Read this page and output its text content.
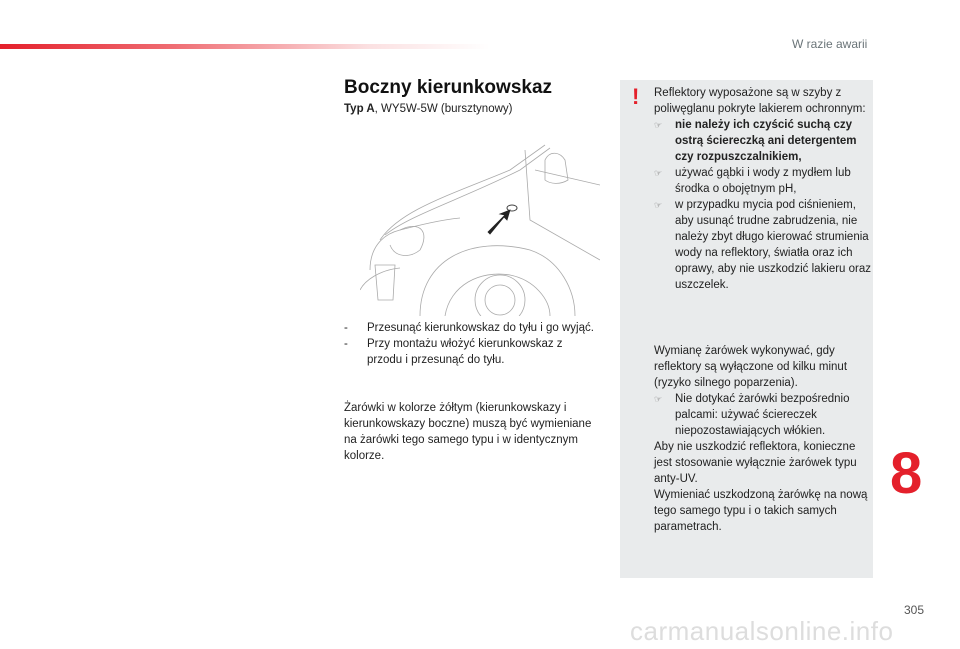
W razie awarii
Boczny kierunkowskaz
Typ A, WY5W-5W (bursztynowy)
- Przesunąć kierunkowskaz do tyłu i go wyjąć.
- Przy montażu włożyć kierunkowskaz z przodu i przesunąć do tyłu.
Żarówki w kolorze żółtym (kierunkowskazy i kierunkowskazy boczne) muszą być wymieniane na żarówki tego samego typu i w identycznym kolorze.
! Reflektory wyposażone są w szyby z poliwęglanu pokryte lakierem ochronnym:
☞ nie należy ich czyścić suchą czy ostrą ściereczką ani detergentem czy rozpuszczalnikiem,
☞ używać gąbki i wody z mydłem lub środka o obojętnym pH,
☞ w przypadku mycia pod ciśnieniem, aby usunąć trudne zabrudzenia, nie należy zbyt długo kierować strumienia wody na reflektory, światła oraz ich oprawy, aby nie uszkodzić lakieru oraz uszczelek.
Wymianę żarówek wykonywać, gdy reflektory są wyłączone od kilku minut (ryzyko silnego poparzenia).
☞ Nie dotykać żarówki bezpośrednio palcami: używać ściereczek niepozostawiających włókien.
Aby nie uszkodzić reflektora, konieczne jest stosowanie wyłącznie żarówek typu anty-UV.
Wymieniać uszkodzoną żarówkę na nową tego samego typu i o takich samych parametrach.
8
305
carmanualsonline.info
